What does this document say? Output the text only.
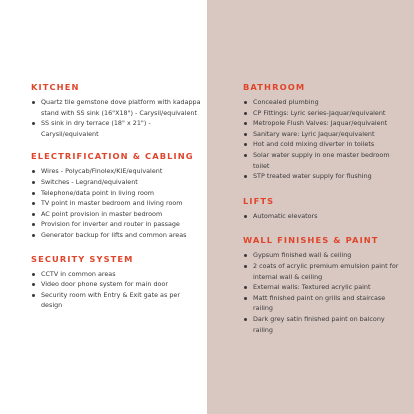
KITCHEN
Quartz tile gemstone dove platform with kadappa stand with SS sink (16"X18") - Carysil/equivalent
SS sink in dry terrace (18" x 21") - Carysil/equivalent
ELECTRIFICATION & CABLING
Wires - Polycab/Finolex/KIE/equivalent
Switches - Legrand/equivalent
Telephone/data point in living room
TV point in master bedroom and living room
AC point provision in master bedroom
Provision for inverter and router in passage
Generator backup for lifts and common areas
SECURITY SYSTEM
CCTV in common areas
Video door phone system for main door
Security room with Entry & Exit gate as per design
BATHROOM
Concealed plumbing
CP Fittings: Lyric series-Jaquar/equivalent
Metropole Flush Valves: Jaquar/equivalent
Sanitary ware: Lyric Jaquar/equivalent
Hot and cold mixing diverter in toilets
Solar water supply in one master bedroom toilet
STP treated water supply for flushing
LIFTS
Automatic elevators
WALL FINISHES & PAINT
Gypsum finished wall & ceiling
2 coats of acrylic premium emulsion paint for internal wall & ceiling
External walls: Textured acrylic paint
Matt finished paint on grills and staircase railing
Dark grey satin finished paint on balcony railing
